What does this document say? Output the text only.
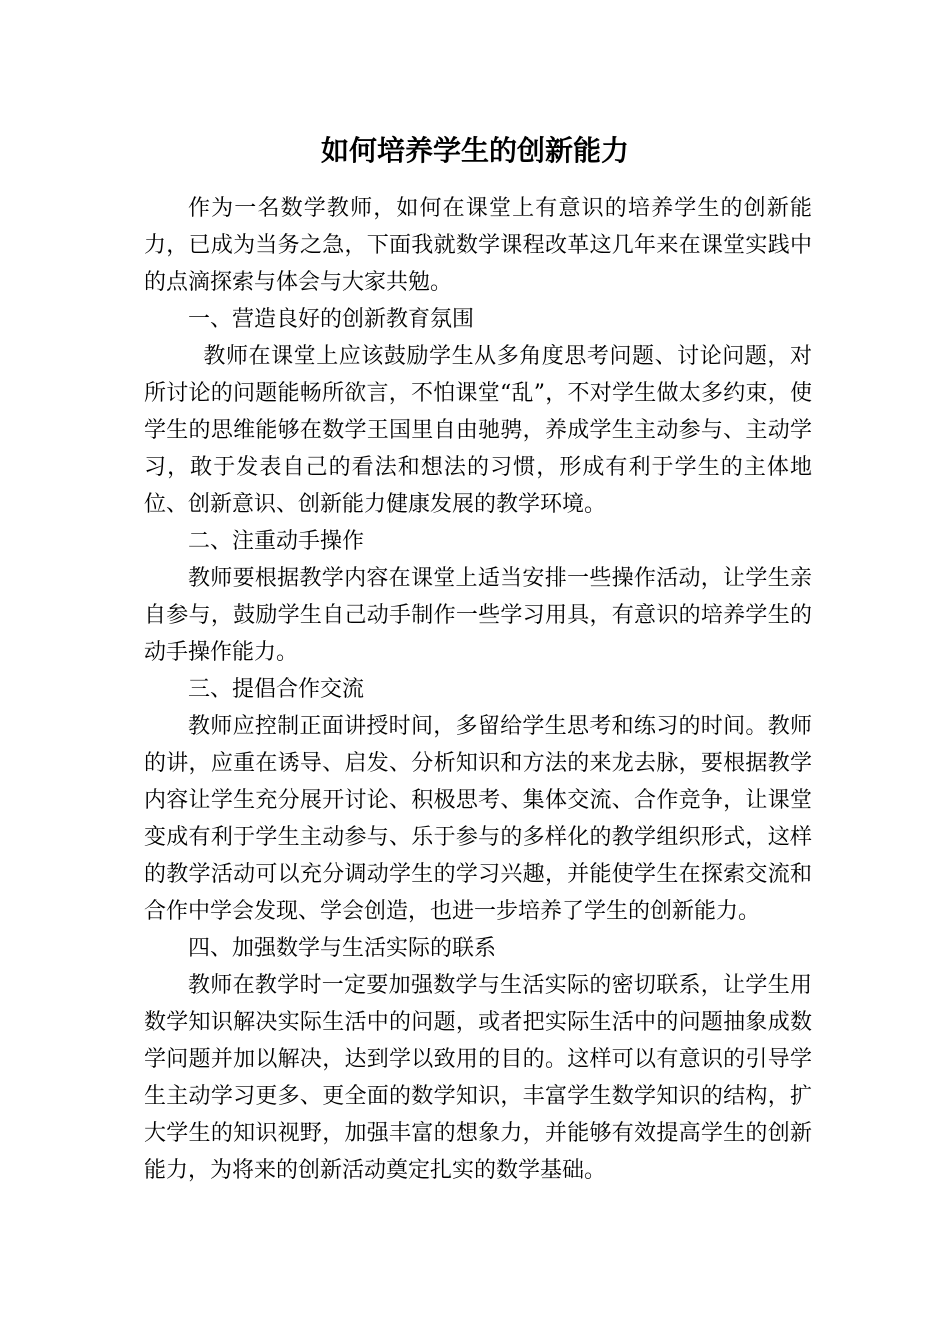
如何培养学生的创新能力

作为一名数学教师，如何在课堂上有意识的培养学生的创新能力，已成为当务之急，下面我就数学课程改革这几年来在课堂实践中的点滴探索与体会与大家共勉。

一、营造良好的创新教育氛围

教师在课堂上应该鼓励学生从多角度思考问题、讨论问题，对所讨论的问题能畅所欲言，不怕课堂“乱”，不对学生做太多约束，使学生的思维能够在数学王国里自由驰骋，养成学生主动参与、主动学习，敢于发表自己的看法和想法的习惯，形成有利于学生的主体地位、创新意识、创新能力健康发展的教学环境。

二、注重动手操作

教师要根据教学内容在课堂上适当安排一些操作活动，让学生亲自参与，鼓励学生自己动手制作一些学习用具，有意识的培养学生的动手操作能力。

三、提倡合作交流

教师应控制正面讲授时间，多留给学生思考和练习的时间。教师的讲，应重在诱导、启发、分析知识和方法的来龙去脉，要根据教学内容让学生充分展开讨论、积极思考、集体交流、合作竞争，让课堂变成有利于学生主动参与、乐于参与的多样化的教学组织形式，这样的教学活动可以充分调动学生的学习兴趣，并能使学生在探索交流和合作中学会发现、学会创造，也进一步培养了学生的创新能力。

四、加强数学与生活实际的联系

教师在教学时一定要加强数学与生活实际的密切联系，让学生用数学知识解决实际生活中的问题，或者把实际生活中的问题抽象成数学问题并加以解决，达到学以致用的目的。这样可以有意识的引导学生主动学习更多、更全面的数学知识，丰富学生数学知识的结构，扩大学生的知识视野，加强丰富的想象力，并能够有效提高学生的创新能力，为将来的创新活动奠定扎实的数学基础。
